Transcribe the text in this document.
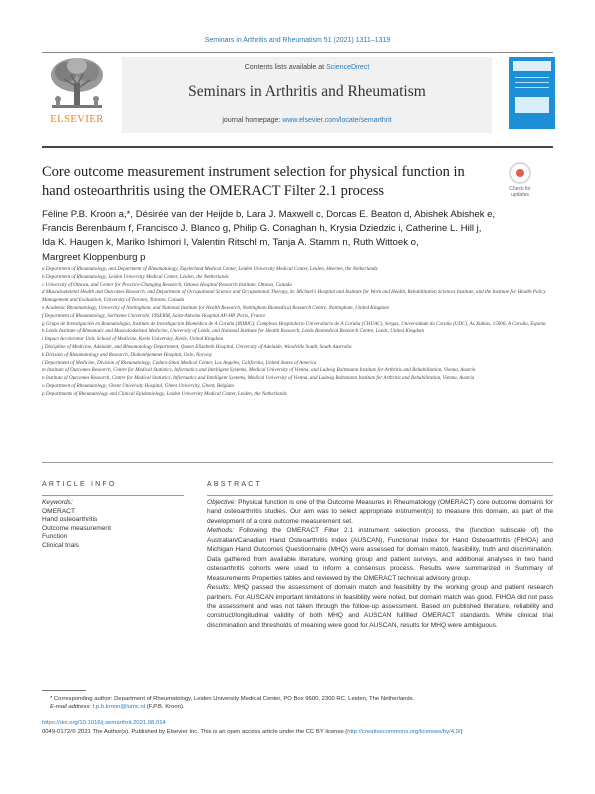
Seminars in Arthritis and Rheumatism 51 (2021) 1311–1319
ELSEVIER
Contents lists available at ScienceDirect
Seminars in Arthritis and Rheumatism
journal homepage: www.elsevier.com/locate/semarthrit
Core outcome measurement instrument selection for physical function in hand osteoarthritis using the OMERACT Filter 2.1 process	Check for
updates
Féline P.B. Kroon a,*, Désirée van der Heijde b, Lara J. Maxwell c, Dorcas E. Beaton d, Abishek Abishek e, Francis Berenbaum f, Francisco J. Blanco g, Philip G. Conaghan h, Krysia Dziedzic i, Catherine L. Hill j, Ida K. Haugen k, Mariko Ishimori l, Valentin Ritschl m, Tanja A. Stamm n, Ruth Wittoek o, Margreet Kloppenburg p
a Department of Rheumatology, and Department of Rheumatology, Zuyderland Medical Center, Leiden University Medical Center, Leiden, Heerlen, the Netherlands
b Department of Rheumatology, Leiden University Medical Center, Leiden, the Netherlands
c University of Ottawa, and Center for Practice-Changing Research, Ottawa Hospital Research Institute, Ottawa, Canada
d Musculoskeletal Health and Outcomes Research, and Department of Occupational Science and Occupational Therapy, St. Michael's Hospital and Institute for Work and Health, Rehabilitation Sciences Institute, and the Institute for Health Policy Management and Evaluation, University of Toronto, Toronto, Canada
e Academic Rheumatology, University of Nottingham, and National Institute for Health Research, Nottingham Biomedical Research Centre, Nottingham, United Kingdom
f Department of Rheumatology, Sorbonne Université, INSERM, Saint-Antoine Hospital AP-HP, Paris, France
g Grupo de Investigación en Reumatología, Instituto de Investigación Biomédica de A Coruña (INIBIC), Complexo Hospitalario Universitario de A Coruña (CHUAC), Sergas, Universidade da Coruña (UDC), As Xubias, 15006, A Coruña, Espana
h Leeds Institute of Rheumatic and Musculoskeletal Medicine, University of Leeds, and National Institute for Health Research, Leeds Biomedical Research Centre, Leeds, United Kingdom
i Impact Accelerator Unit, School of Medicine, Keele University, Keele, United Kingdom
j Discipline of Medicine, Adelaide, and Rheumatology Department, Queen Elizabeth Hospital, University of Adelaide, Woodville South, South Australia
k Division of Rheumatology and Research, Diakonhjemmet Hospital, Oslo, Norway
l Department of Medicine, Division of Rheumatology, Cedars-Sinai Medical Center, Los Angeles, California, United States of America
m Institute of Outcomes Research, Centre for Medical Statistics, Informatics and Intelligent Systems, Medical University of Vienna, and Ludwig Boltzmann Institute for Arthritis and Rehabilitation, Vienna, Austria
n Institute of Outcomes Research, Centre for Medical Statistics, Informatics and Intelligent Systems, Medical University of Vienna, and Ludwig Boltzmann Institute for Arthritis and Rehabilitation, Vienna, Austria
o Department of Rheumatology, Ghent University Hospital, Ghent University, Ghent, Belgium
p Departments of Rheumatology and Clinical Epidemiology, Leiden University Medical Center, Leiden, the Netherlands
ARTICLE INFO
Keywords:
OMERACT
Hand osteoarthritis
Outcome measurement
Function
Clinical trials
ABSTRACT

Objective: Physical function is one of the Outcome Measures in Rheumatology (OMERACT) core outcome domains for hand osteoarthritis studies. Our aim was to select appropriate instrument(s) to measure this domain, as part of the development of a core outcome measurement set.

Methods: Following the OMERACT Filter 2.1 instrument selection process, the (function subscale of) the Australian/Canadian Hand Osteoarthritis Index (AUSCAN), Functional Index for Hand Osteoarthritis (FIHOA) and Michigan Hand Outcomes Questionnaire (MHQ) were assessed for domain match, feasibility, truth and discrimination. Data gathered from available literature, working group and patient surveys, and additional analyses in two hand osteoarthritis cohorts were used to inform a consensus process. Results were summarized in Summary of Measurements Properties tables and reviewed by the OMERACT technical advisory group.

Results: MHQ passed the assessment of domain match and feasibility by the working group and patient research partners. For AUSCAN important limitations in feasibility were noted, but domain match was good. FIHOA did not pass the assessment and was not taken through the follow-up assessment. Based on published literature, reliability and construct/longitudinal validity of both MHQ and AUSCAN fulfilled OMERACT standards. While clinical trial discrimination and thresholds of meaning were good for AUSCAN, results for MHQ were ambiguous.

* Corresponding author: Department of Rheumatology, Leiden University Medical Center, PO Box 9600, 2300 RC, Leiden, The Netherlands.
E-mail address: f.p.b.kroon@lumc.nl (F.P.B. Kroon).
https://doi.org/10.1016/j.semarthrit.2021.08.014
0049-0172/© 2021 The Author(s). Published by Elsevier Inc. This is an open access article under the CC BY license (http://creativecommons.org/licenses/by/4.0/)
